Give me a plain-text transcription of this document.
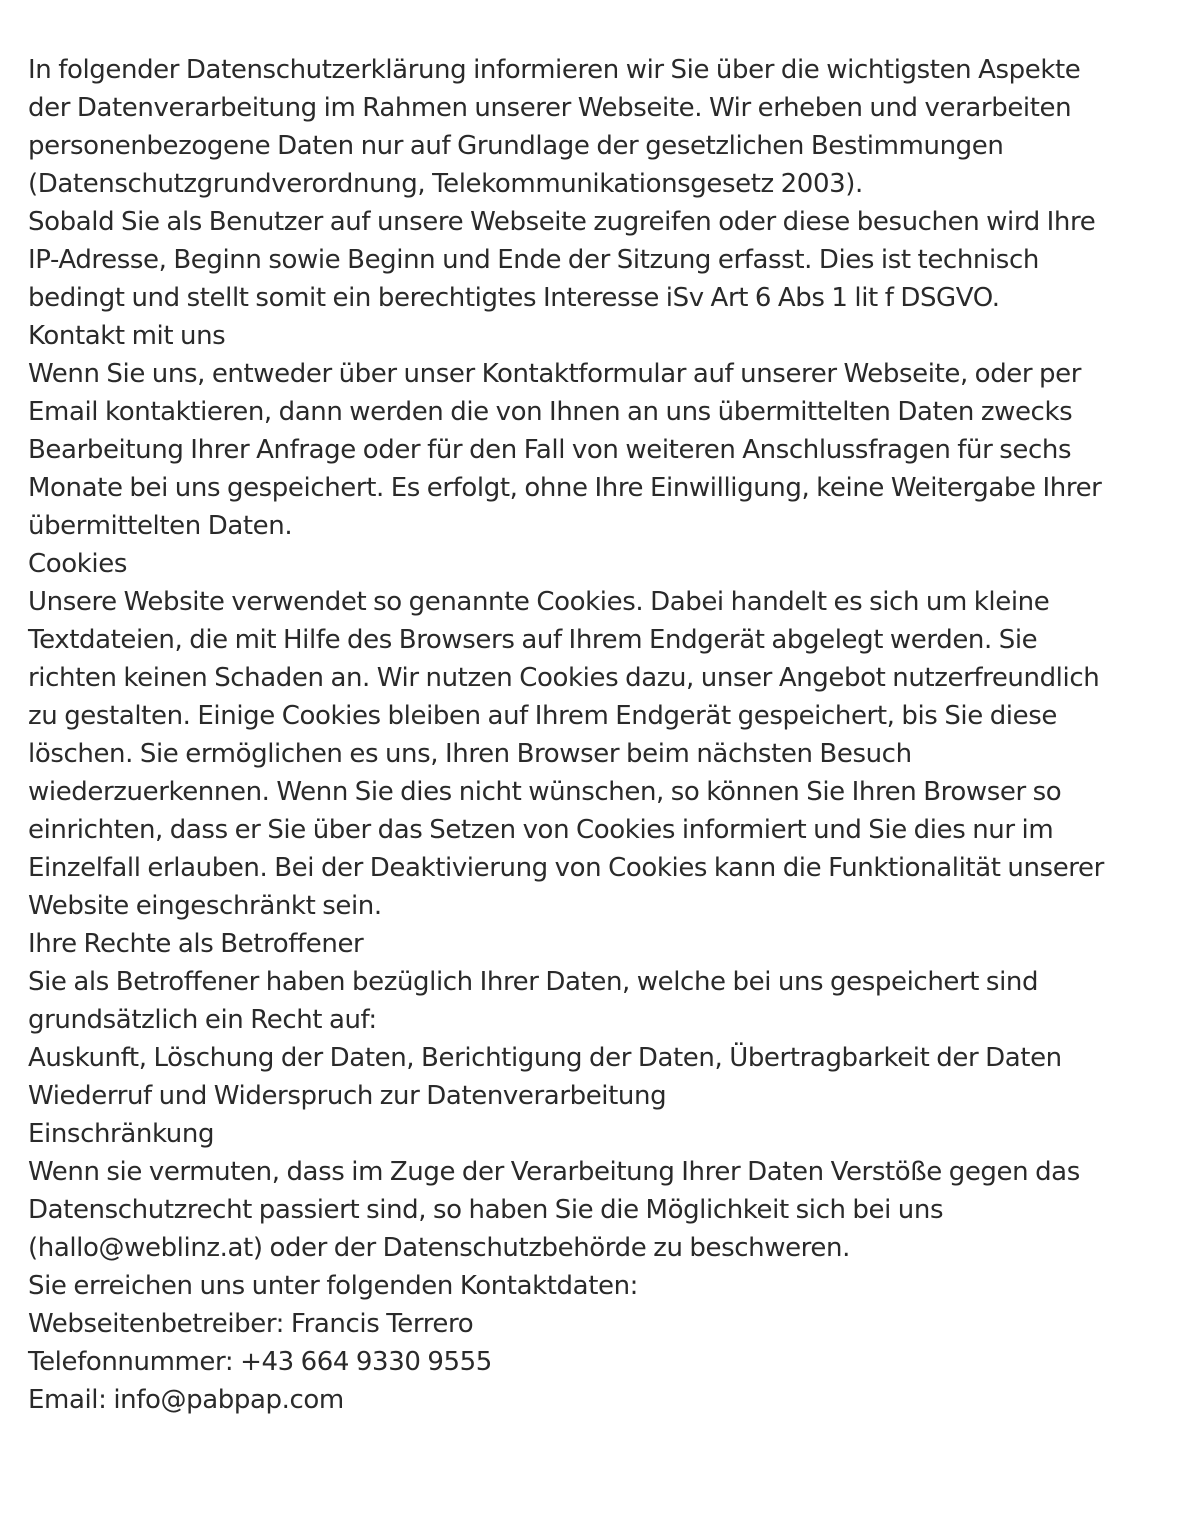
In folgender Datenschutzerklärung informieren wir Sie über die wichtigsten Aspekte
der Datenverarbeitung im Rahmen unserer Webseite. Wir erheben und verarbeiten
personenbezogene Daten nur auf Grundlage der gesetzlichen Bestimmungen
(Datenschutzgrundverordnung, Telekommunikationsgesetz 2003).
Sobald Sie als Benutzer auf unsere Webseite zugreifen oder diese besuchen wird Ihre
IP-Adresse, Beginn sowie Beginn und Ende der Sitzung erfasst. Dies ist technisch
bedingt und stellt somit ein berechtigtes Interesse iSv Art 6 Abs 1 lit f DSGVO.
Kontakt mit uns
Wenn Sie uns, entweder über unser Kontaktformular auf unserer Webseite, oder per
Email kontaktieren, dann werden die von Ihnen an uns übermittelten Daten zwecks
Bearbeitung Ihrer Anfrage oder für den Fall von weiteren Anschlussfragen für sechs
Monate bei uns gespeichert. Es erfolgt, ohne Ihre Einwilligung, keine Weitergabe Ihrer
übermittelten Daten.
Cookies
Unsere Website verwendet so genannte Cookies. Dabei handelt es sich um kleine
Textdateien, die mit Hilfe des Browsers auf Ihrem Endgerät abgelegt werden. Sie
richten keinen Schaden an. Wir nutzen Cookies dazu, unser Angebot nutzerfreundlich
zu gestalten. Einige Cookies bleiben auf Ihrem Endgerät gespeichert, bis Sie diese
löschen. Sie ermöglichen es uns, Ihren Browser beim nächsten Besuch
wiederzuerkennen. Wenn Sie dies nicht wünschen, so können Sie Ihren Browser so
einrichten, dass er Sie über das Setzen von Cookies informiert und Sie dies nur im
Einzelfall erlauben. Bei der Deaktivierung von Cookies kann die Funktionalität unserer
Website eingeschränkt sein.
Ihre Rechte als Betroffener
Sie als Betroffener haben bezüglich Ihrer Daten, welche bei uns gespeichert sind
grundsätzlich ein Recht auf:
Auskunft, Löschung der Daten, Berichtigung der Daten, Übertragbarkeit der Daten
Wiederruf und Widerspruch zur Datenverarbeitung
Einschränkung
Wenn sie vermuten, dass im Zuge der Verarbeitung Ihrer Daten Verstöße gegen das
Datenschutzrecht passiert sind, so haben Sie die Möglichkeit sich bei uns
(hallo@weblinz.at) oder der Datenschutzbehörde zu beschweren.
Sie erreichen uns unter folgenden Kontaktdaten:
Webseitenbetreiber: Francis Terrero
Telefonnummer: +43 664 9330 9555
Email: info@pabpap.com
